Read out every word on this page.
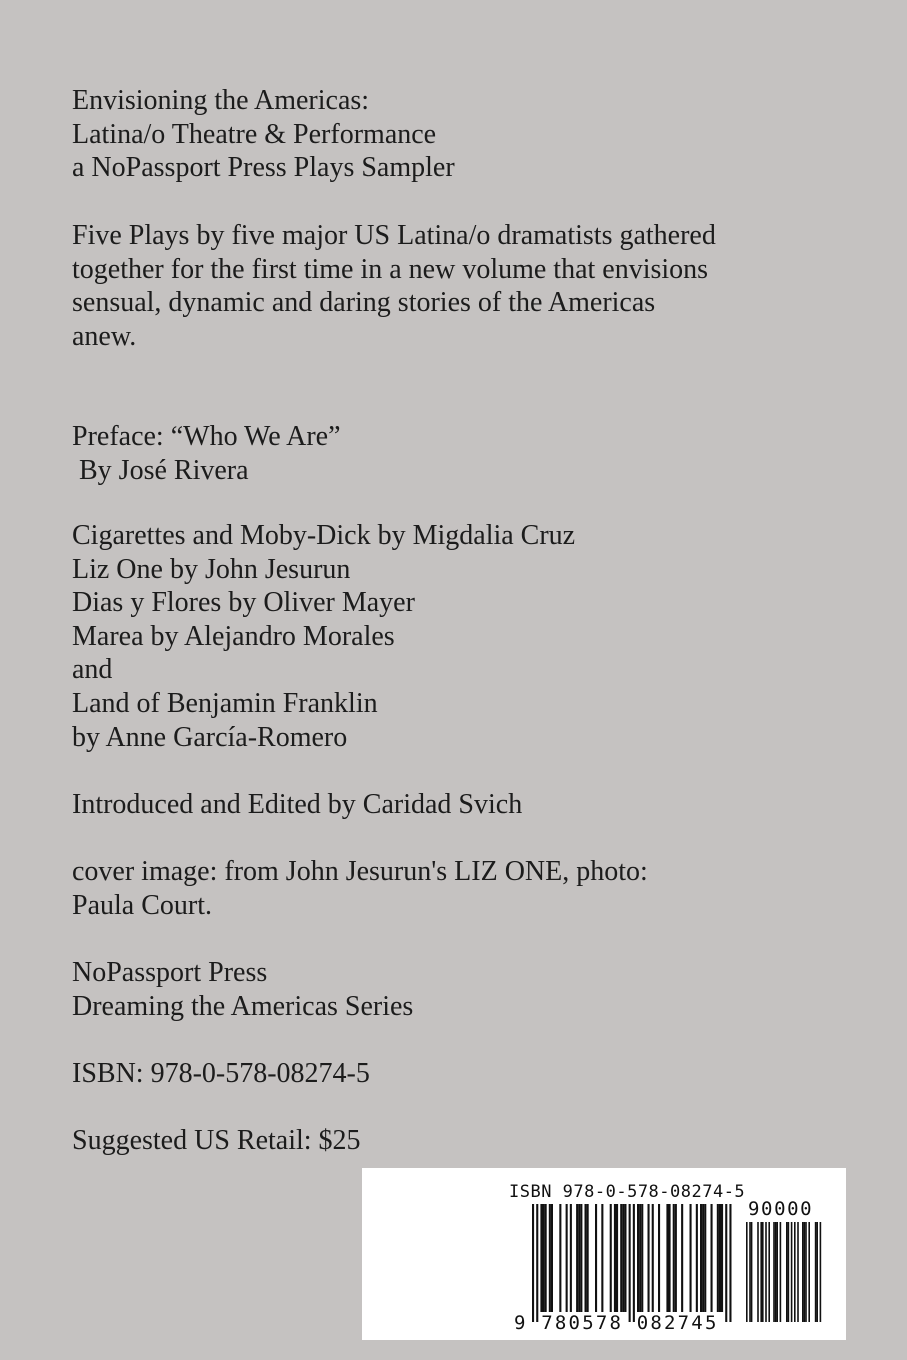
Envisioning the Americas:
Latina/o Theatre & Performance
a NoPassport Press Plays Sampler
Five Plays by five major US Latina/o dramatists gathered
together for the first time in a new volume that envisions
sensual, dynamic and daring stories of the Americas
anew.
Preface: “Who We Are”
By José Rivera
Cigarettes and Moby-Dick by Migdalia Cruz
Liz One by John Jesurun
Dias y Flores by Oliver Mayer
Marea by Alejandro Morales
and
Land of Benjamin Franklin
by Anne García-Romero
Introduced and Edited by Caridad Svich
cover image: from John Jesurun's LIZ ONE, photo:
Paula Court.
NoPassport Press
Dreaming the Americas Series
ISBN: 978-0-578-08274-5
Suggested US Retail: $25
ISBN 978-0-578-08274-5
90000
9 780578 082745
